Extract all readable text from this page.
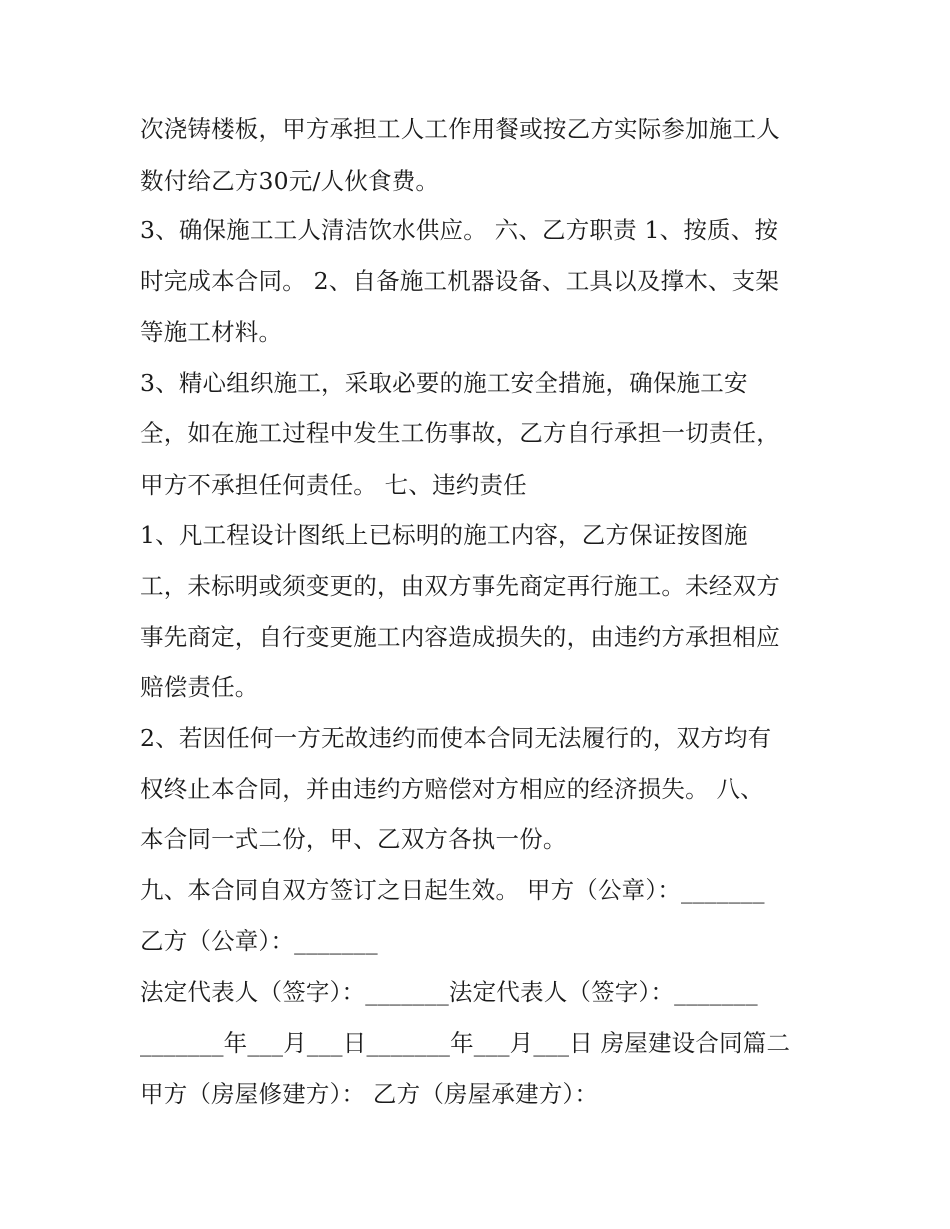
次浇铸楼板，甲方承担工人工作用餐或按乙方实际参加施工人
数付给乙方30元/人伙食费。
3、确保施工工人清洁饮水供应。 六、乙方职责 1、按质、按
时完成本合同。 2、自备施工机器设备、工具以及撑木、支架
等施工材料。
3、精心组织施工，采取必要的施工安全措施，确保施工安
全，如在施工过程中发生工伤事故，乙方自行承担一切责任，
甲方不承担任何责任。 七、违约责任
1、凡工程设计图纸上已标明的施工内容，乙方保证按图施
工，未标明或须变更的，由双方事先商定再行施工。未经双方
事先商定，自行变更施工内容造成损失的，由违约方承担相应
赔偿责任。
2、若因任何一方无故违约而使本合同无法履行的，双方均有
权终止本合同，并由违约方赔偿对方相应的经济损失。 八、
本合同一式二份，甲、乙双方各执一份。
九、本合同自双方签订之日起生效。 甲方（公章）：_______
乙方（公章）：_______
法定代表人（签字）：_______法定代表人（签字）：_______
_______年___月___日_______年___月___日 房屋建设合同篇二
甲方（房屋修建方）： 乙方（房屋承建方）：
